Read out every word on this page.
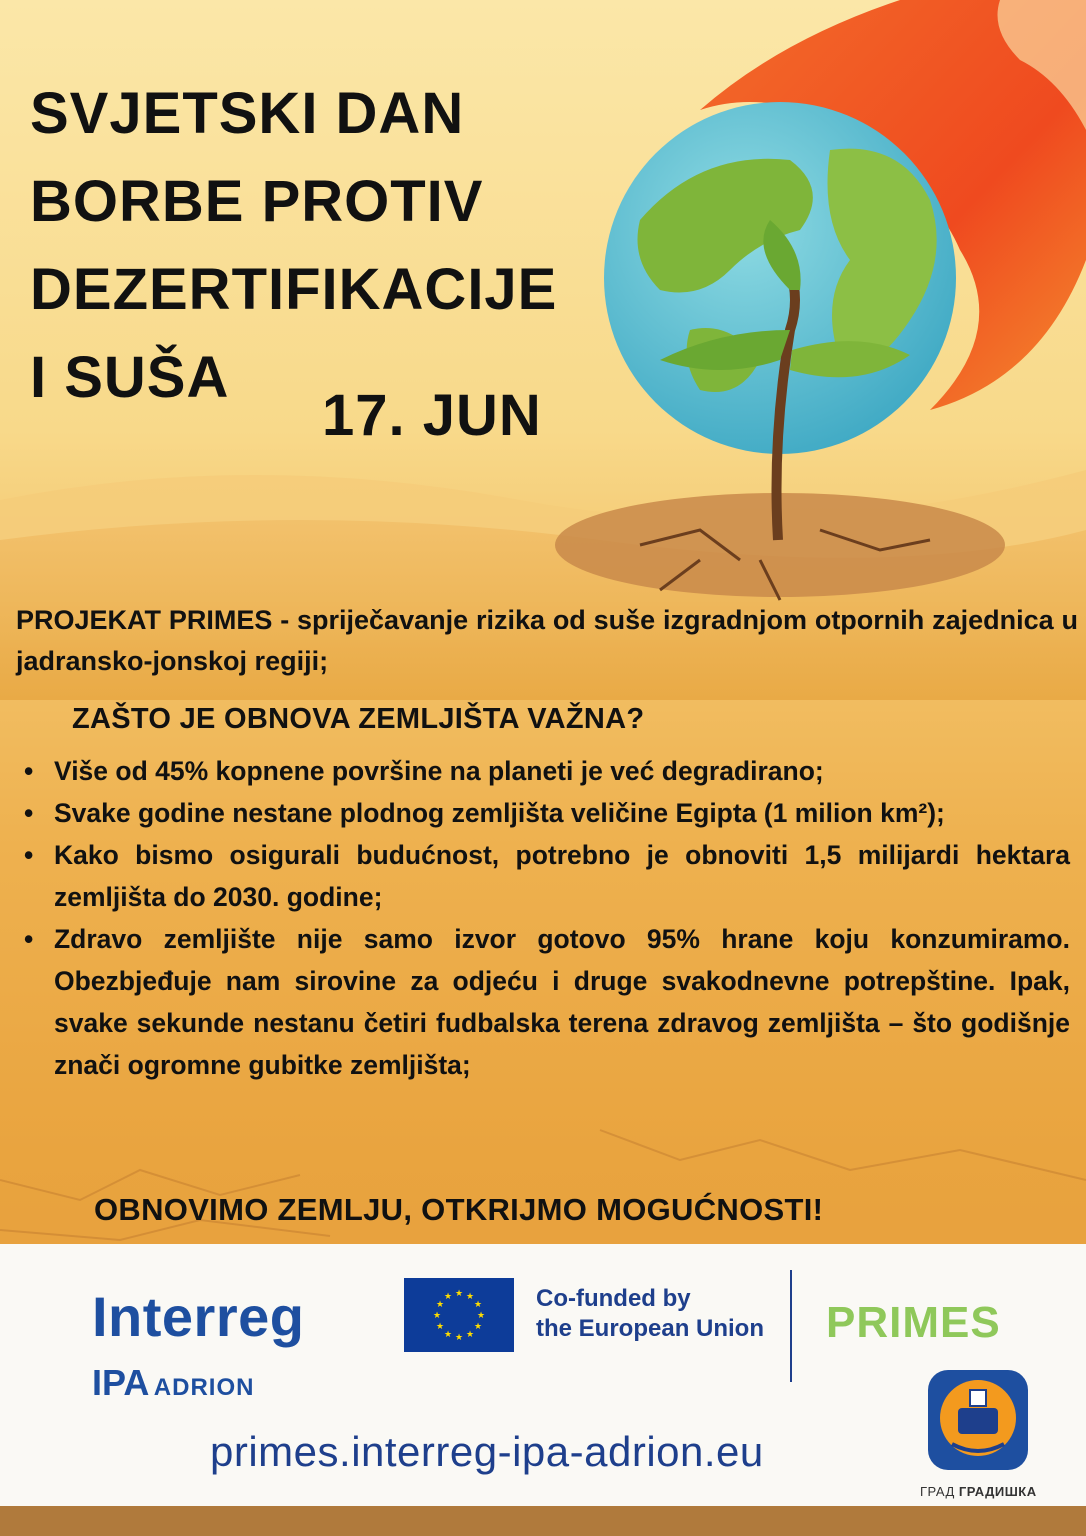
SVJETSKI DAN
BORBE PROTIV
DEZERTIFIKACIJE
I SUŠA
17. JUN
PROJEKAT PRIMES - spriječavanje rizika od suše izgradnjom otpornih zajednica u jadransko-jonskoj regiji;
ZAŠTO JE OBNOVA ZEMLJIŠTA VAŽNA?
• Više od 45% kopnene površine na planeti je već degradirano;
• Svake godine nestane plodnog zemljišta veličine Egipta (1 milion km²);
• Kako bismo osigurali budućnost, potrebno je obnoviti 1,5 milijardi hektara zemljišta do 2030. godine;
• Zdravo zemljište nije samo izvor gotovo 95% hrane koju konzumiramo. Obezbjeđuje nam sirovine za odjeću i druge svakodnevne potrepštine. Ipak, svake sekunde nestanu četiri fudbalska terena zdravog zemljišta – što godišnje znači ogromne gubitke zemljišta;
OBNOVIMO ZEMLJU, OTKRIJMO MOGUĆNOSTI!
Interreg
IPA ADRION
★ ★
★
★
★
★
★
★
★
★
★
★	Co-funded by
the European Union PRIMES
primes.interreg-ipa-adrion.eu
ГРАД ГРАДИШКА
